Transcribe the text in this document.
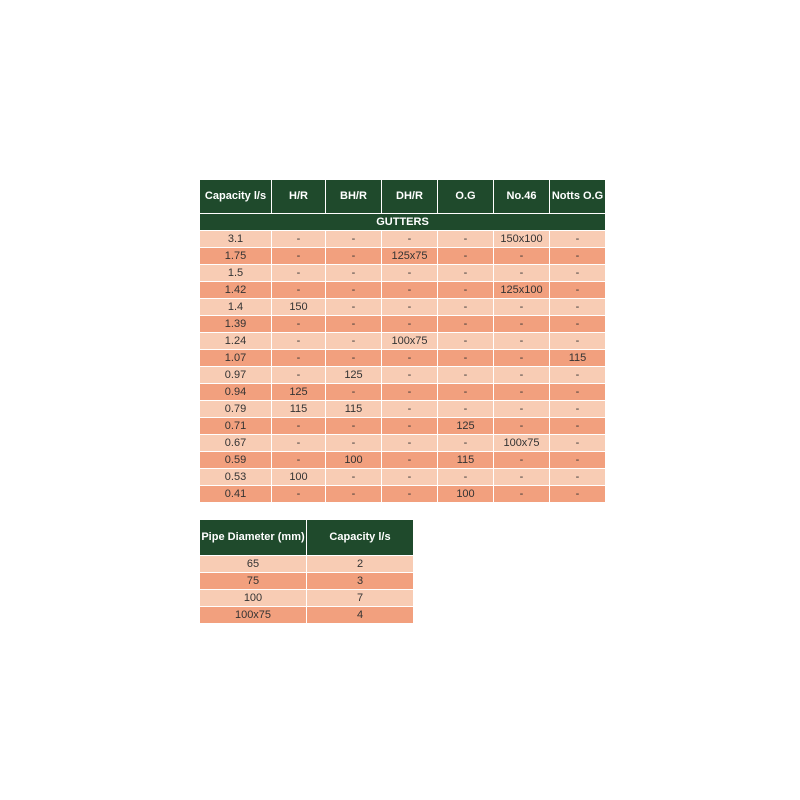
Capacity l/s	H/R	BH/R	DH/R	O.G	No.46	Notts O.G
GUTTERS						
3.1	-	-	-	-	150x100	-
1.75	-	-	125x75	-	-	-
1.5	-	-	-	-	-	-
1.42	-	-	-	-	125x100	-
1.4	150	-	-	-	-	-
1.39	-	-	-	-	-	-
1.24	-	-	100x75	-	-	-
1.07	-	-	-	-	-	115
0.97	-	125	-	-	-	-
0.94	125	-	-	-	-	-
0.79	115	115	-	-	-	-
0.71	-	-	-	125	-	-
0.67	-	-	-	-	100x75	-
0.59	-	100	-	115	-	-
0.53	100	-	-	-	-	-
0.41	-	-	-	100	-	-
Pipe Diameter (mm)	Capacity l/s
65	2
75	3
100	7
100x75	4
